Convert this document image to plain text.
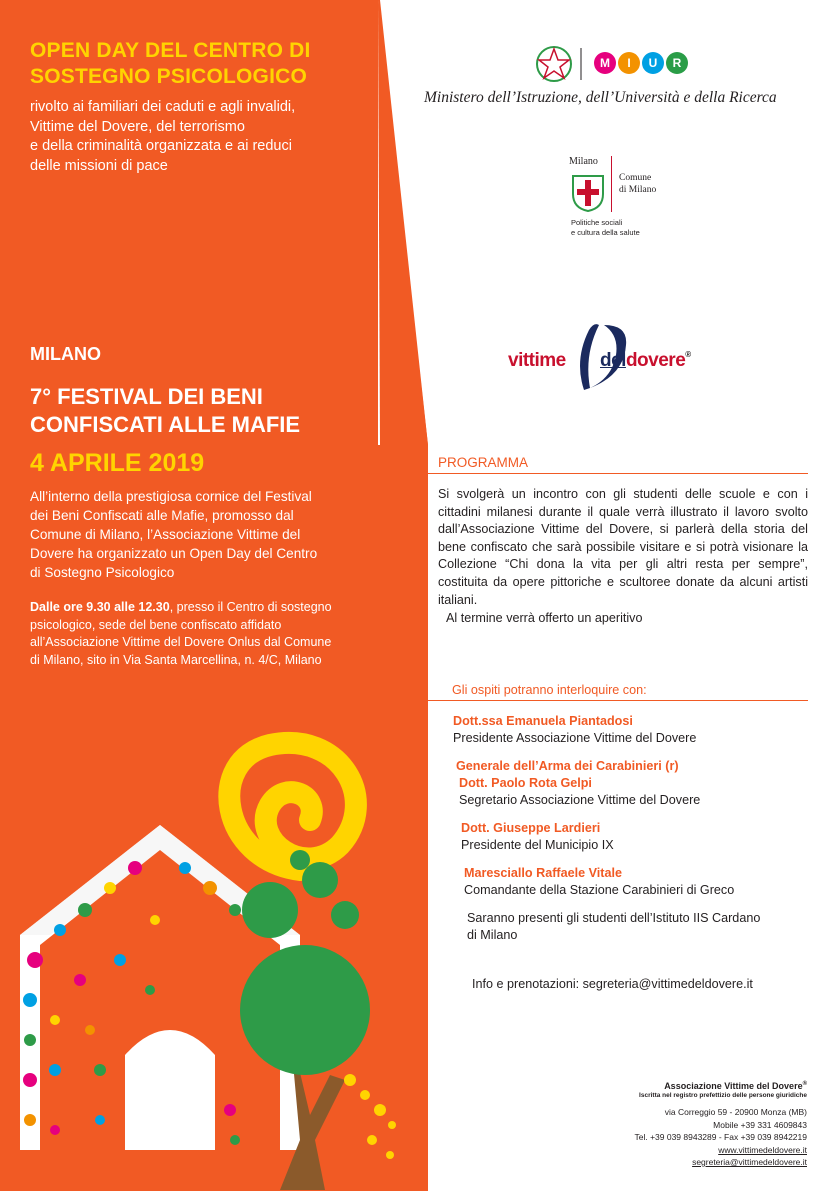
OPEN DAY DEL CENTRO DI
SOSTEGNO PSICOLOGICO
rivolto ai familiari dei caduti e agli invalidi,
Vittime del Dovere, del terrorismo
e della criminalità organizzata e ai reduci
delle missioni di pace
MILANO
7° FESTIVAL DEI BENI
CONFISCATI ALLE MAFIE
4 APRILE 2019
All’interno della prestigiosa cornice del Festival
dei Beni Confiscati alle Mafie, promosso dal
Comune di Milano, l’Associazione Vittime del
Dovere ha organizzato un Open Day del Centro
di Sostegno Psicologico
Dalle ore 9.30 alle 12.30, presso il Centro di sostegno
psicologico, sede del bene confiscato affidato
all’Associazione Vittime del Dovere Onlus dal Comune
di Milano, sito in Via Santa Marcellina, n. 4/C, Milano
M	I	U	R
Ministero dell’Istruzione, dell’Università e della Ricerca
Milano
Comune
di Milano
Politiche sociali
e cultura della salute
vittime deldovere®
PROGRAMMA
Si svolgerà un incontro con gli studenti delle scuole e con i cittadini milanesi durante il quale verrà illustrato il lavoro svolto dall’Associazione Vittime del Dovere, si parlerà della storia del bene confiscato che sarà possibile visitare e si potrà visionare la Collezione “Chi dona la vita per gli altri resta per sempre”, costituita da opere pittoriche e scultoree donate da alcuni artisti italiani.
Al termine verrà offerto un aperitivo
Gli ospiti potranno interloquire con:
Dott.ssa Emanuela Piantadosi
Presidente Associazione Vittime del Dovere
Generale dell’Arma dei Carabinieri (r)
Dott. Paolo Rota Gelpi
Segretario Associazione Vittime del Dovere
Dott. Giuseppe Lardieri
Presidente del Municipio IX
Maresciallo Raffaele Vitale
Comandante della Stazione Carabinieri di Greco
Saranno presenti gli studenti dell’Istituto IIS Cardano
di Milano
Info e prenotazioni: segreteria@vittimedeldovere.it
Associazione Vittime del Dovere®
Iscritta nel registro prefettizio delle persone giuridiche
via Correggio 59 - 20900 Monza (MB)
Mobile +39 331 4609843
Tel. +39 039 8943289 - Fax +39 039 8942219
www.vittimedeldovere.it
segreteria@vittimedeldovere.it
